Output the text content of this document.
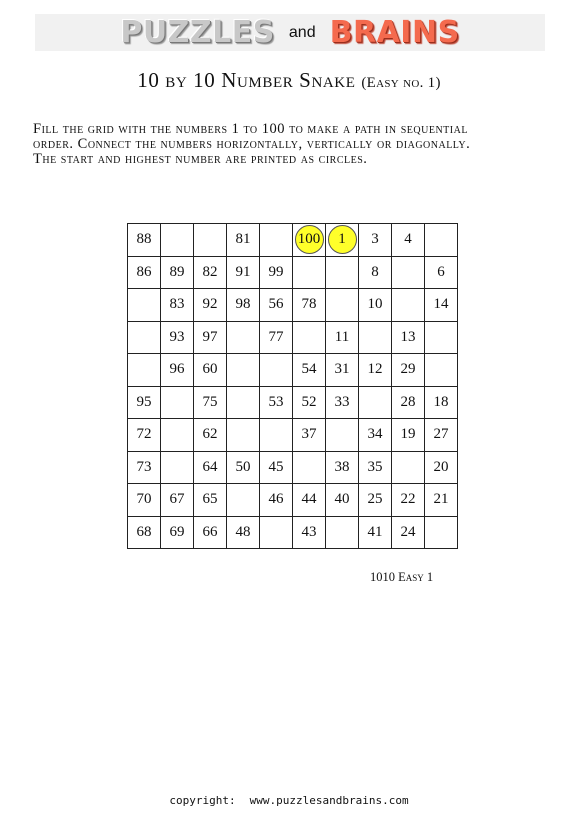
PUZZLES and BRAINS
10 by 10 Number Snake (Easy no. 1)
Fill the grid with the numbers 1 to 100 to make a path in sequential
order. Connect the numbers horizontally, vertically or diagonally.
The start and highest number are printed as circles.
88			81		100	1	3	4	
86	89	82	91	99			8		6
	83	92	98	56	78		10		14
	93	97		77		11		13	
	96	60			54	31	12	29	
95		75		53	52	33		28	18
72		62			37		34	19	27
73		64	50	45		38	35		20
70	67	65		46	44	40	25	22	21
68	69	66	48		43		41	24	
1010 Easy 1
copyright: www.puzzlesandbrains.com
